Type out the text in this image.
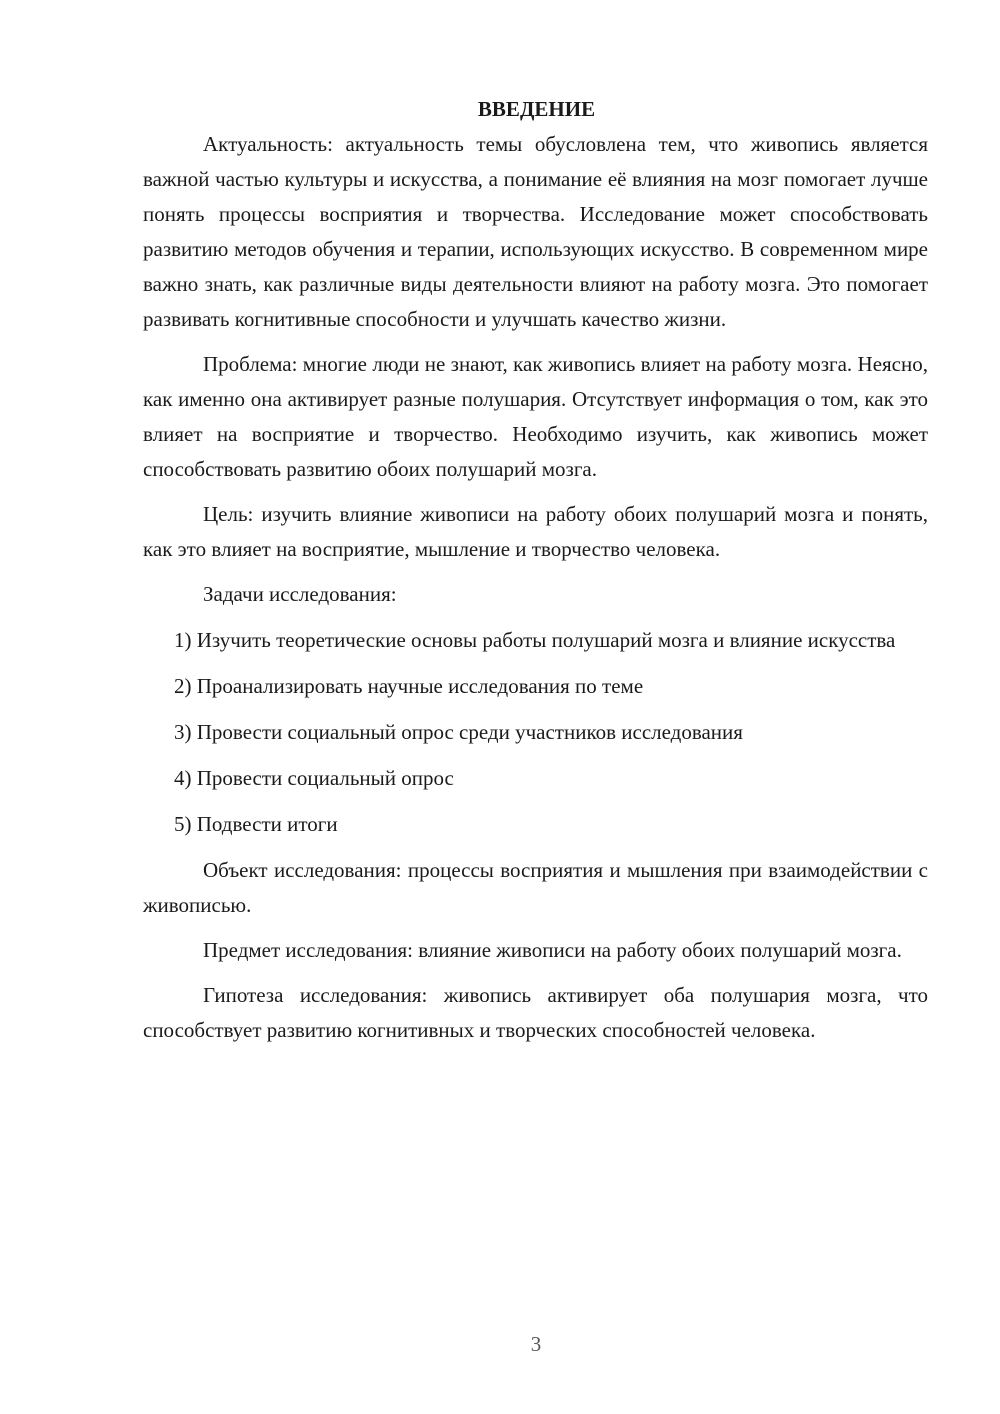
ВВЕДЕНИЕ

Актуальность: актуальность темы обусловлена тем, что живопись является важной частью культуры и искусства, а понимание её влияния на мозг помогает лучше понять процессы восприятия и творчества. Исследование может способствовать развитию методов обучения и терапии, использующих искусство. В современном мире важно знать, как различные виды деятельности влияют на работу мозга. Это помогает развивать когнитивные способности и улучшать качество жизни.

Проблема: многие люди не знают, как живопись влияет на работу мозга. Неясно, как именно она активирует разные полушария. Отсутствует информация о том, как это влияет на восприятие и творчество. Необходимо изучить, как живопись может способствовать развитию обоих полушарий мозга.

Цель: изучить влияние живописи на работу обоих полушарий мозга и понять, как это влияет на восприятие, мышление и творчество человека.

Задачи исследования:

1) Изучить теоретические основы работы полушарий мозга и влияние искусства

2) Проанализировать научные исследования по теме

3) Провести социальный опрос среди участников исследования

4) Провести социальный опрос

5) Подвести итоги

Объект исследования: процессы восприятия и мышления при взаимодействии с живописью.

Предмет исследования: влияние живописи на работу обоих полушарий мозга.

Гипотеза исследования: живопись активирует оба полушария мозга, что способствует развитию когнитивных и творческих способностей человека.

3
